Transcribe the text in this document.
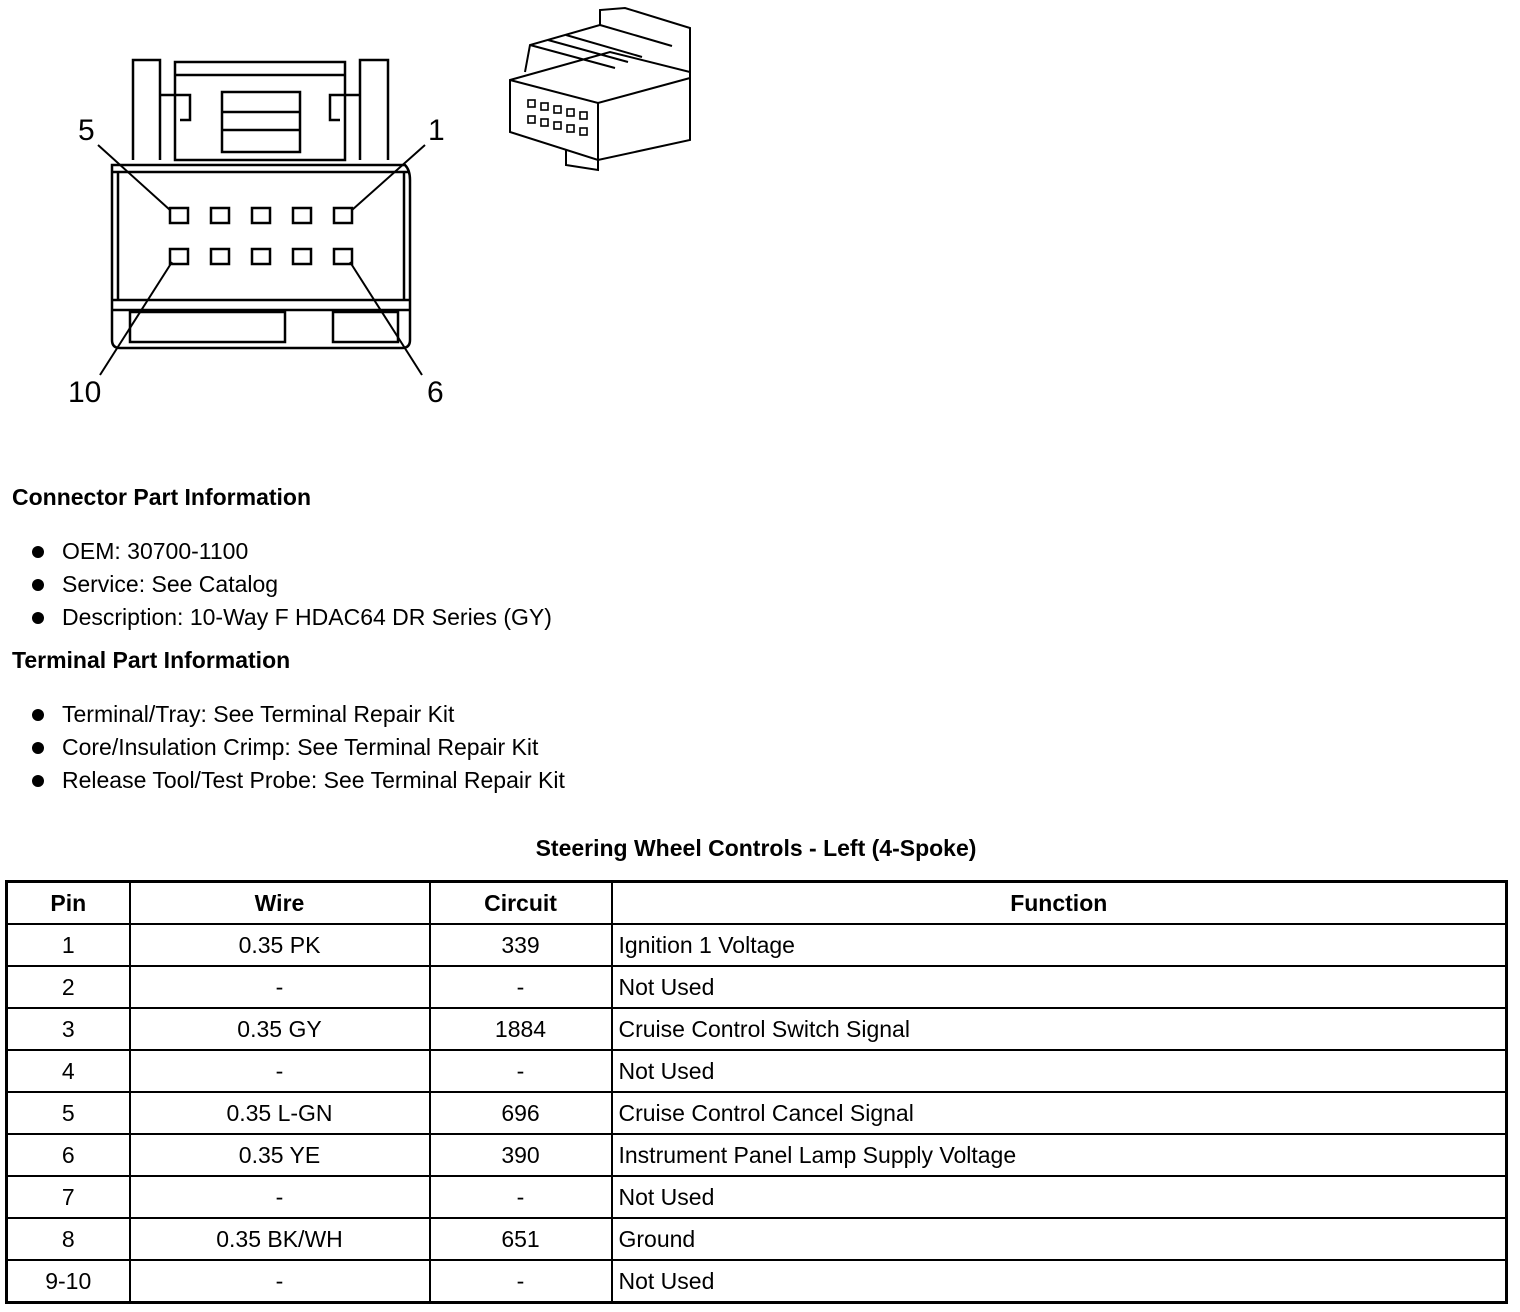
5	1
10	6
Connector Part Information
OEM: 30700-1100
Service: See Catalog
Description: 10-Way F HDAC64 DR Series (GY)
Terminal Part Information
Terminal/Tray: See Terminal Repair Kit
Core/Insulation Crimp: See Terminal Repair Kit
Release Tool/Test Probe: See Terminal Repair Kit
Steering Wheel Controls - Left (4-Spoke)
Pin	Wire	Circuit	Function
1	0.35 PK	339	Ignition 1 Voltage
2	-	-	Not Used
3	0.35 GY	1884	Cruise Control Switch Signal
4	-	-	Not Used
5	0.35 L-GN	696	Cruise Control Cancel Signal
6	0.35 YE	390	Instrument Panel Lamp Supply Voltage
7	-	-	Not Used
8	0.35 BK/WH	651	Ground
9-10	-	-	Not Used
